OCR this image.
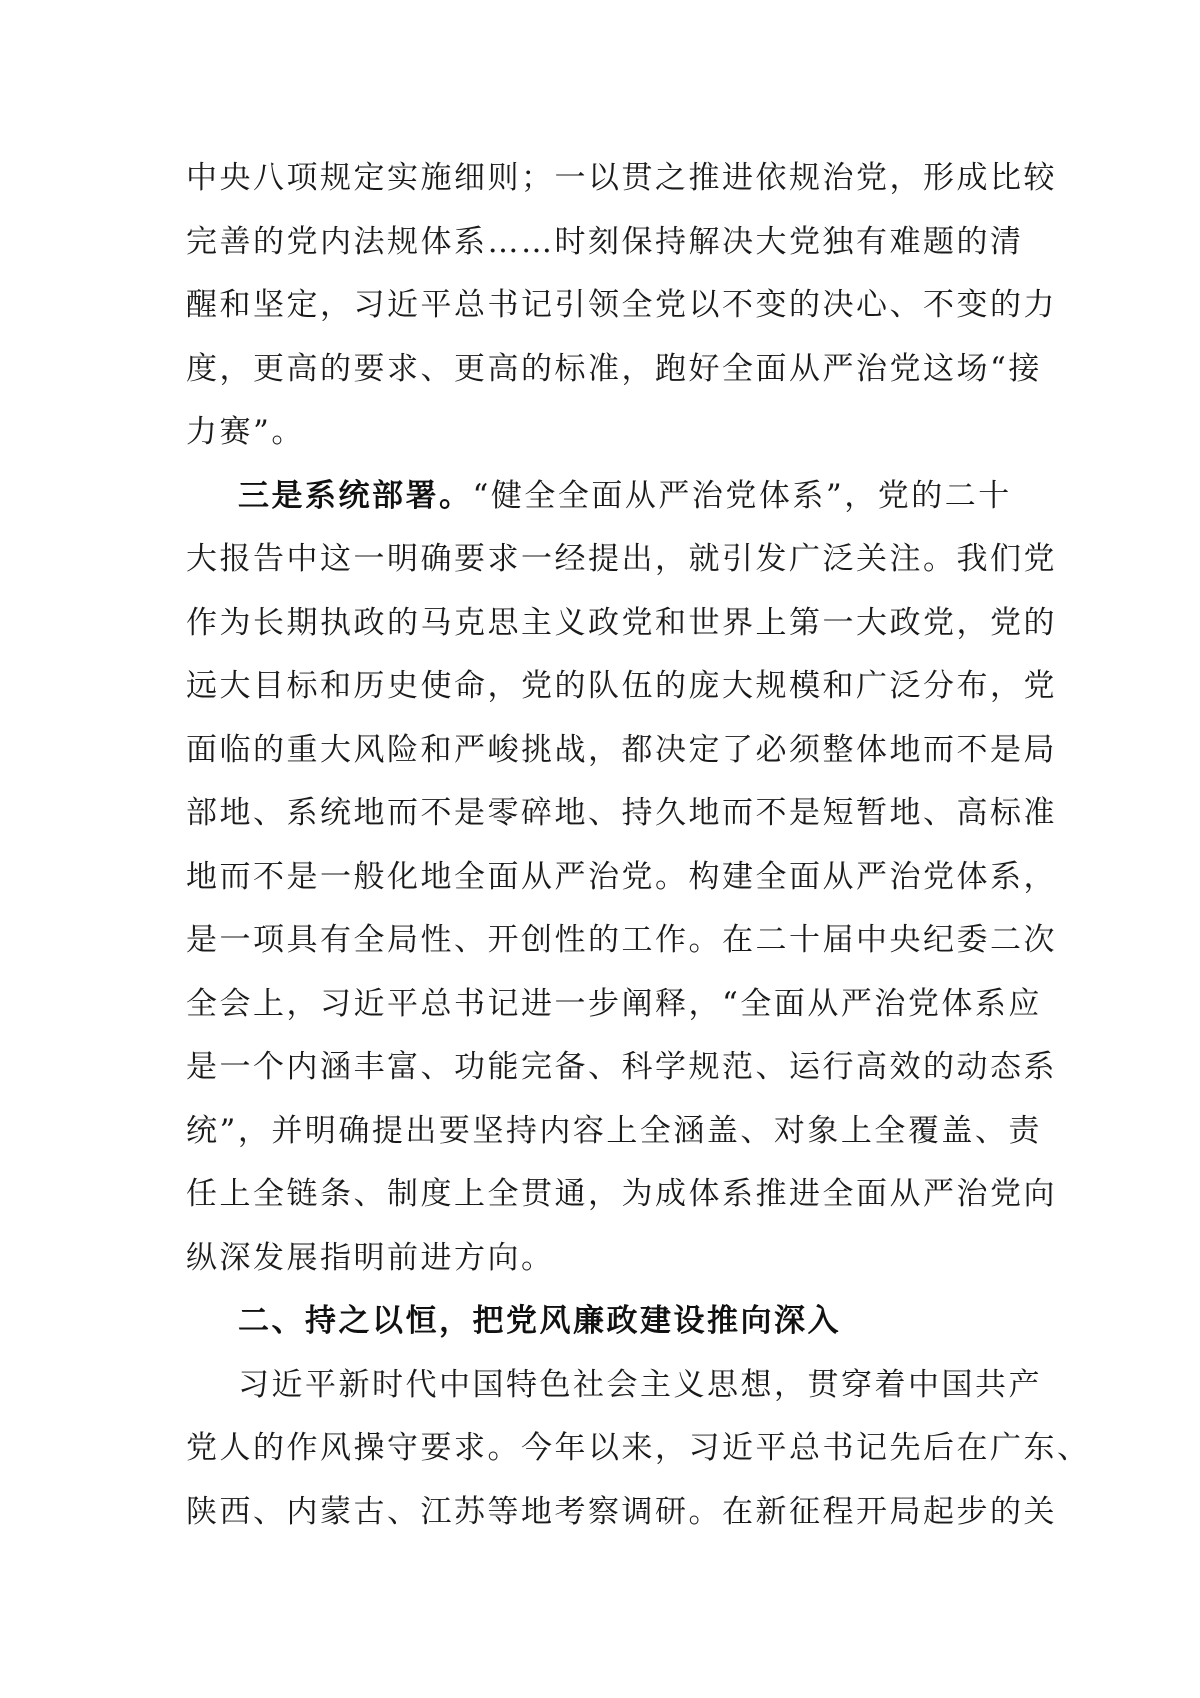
中央八项规定实施细则；一以贯之推进依规治党，形成比较
完善的党内法规体系……时刻保持解决大党独有难题的清
醒和坚定，习近平总书记引领全党以不变的决心、不变的力
度，更高的要求、更高的标准，跑好全面从严治党这场“接
力赛”。
三是系统部署。“健全全面从严治党体系”，党的二十
大报告中这一明确要求一经提出，就引发广泛关注。我们党
作为长期执政的马克思主义政党和世界上第一大政党，党的
远大目标和历史使命，党的队伍的庞大规模和广泛分布，党
面临的重大风险和严峻挑战，都决定了必须整体地而不是局
部地、系统地而不是零碎地、持久地而不是短暂地、高标准
地而不是一般化地全面从严治党。构建全面从严治党体系，
是一项具有全局性、开创性的工作。在二十届中央纪委二次
全会上，习近平总书记进一步阐释，“全面从严治党体系应
是一个内涵丰富、功能完备、科学规范、运行高效的动态系
统”，并明确提出要坚持内容上全涵盖、对象上全覆盖、责
任上全链条、制度上全贯通，为成体系推进全面从严治党向
纵深发展指明前进方向。
二、持之以恒，把党风廉政建设推向深入
习近平新时代中国特色社会主义思想，贯穿着中国共产
党人的作风操守要求。今年以来，习近平总书记先后在广东、
陕西、内蒙古、江苏等地考察调研。在新征程开局起步的关
